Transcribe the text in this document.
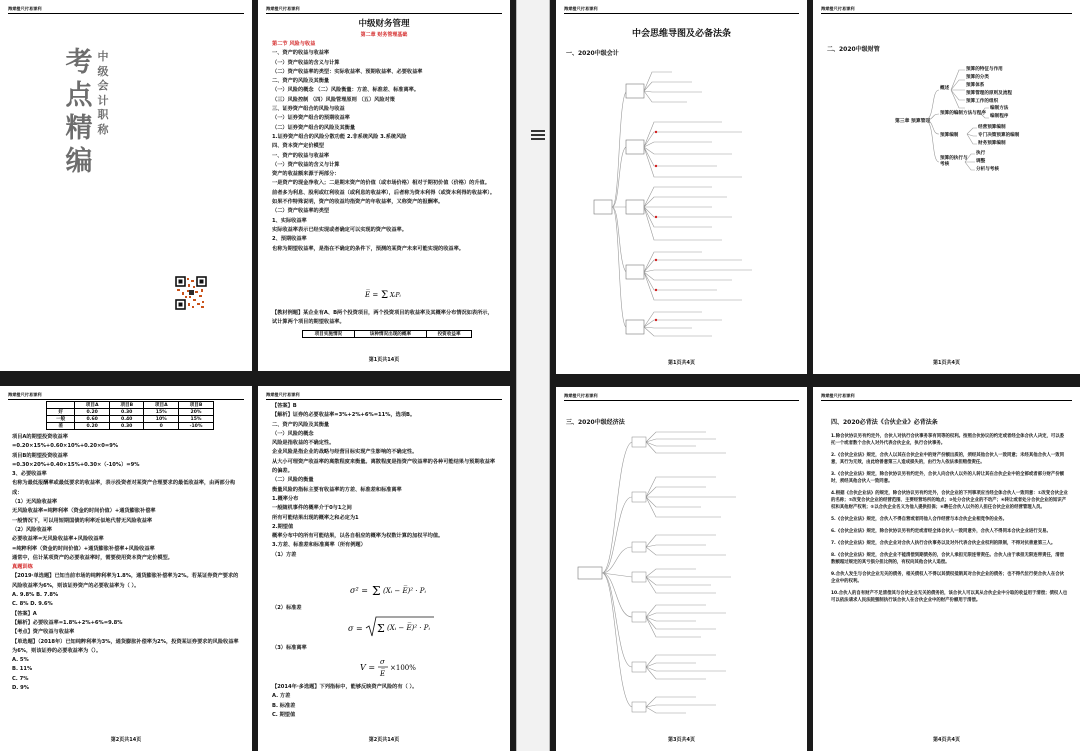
海棠橙尺付易课利
考
点
精
编
中
级
会
计
职
称
海棠橙尺付易课利
中级财务管理
第二章 财务管理基础

第二节 风险与收益

一、资产的收益与收益率

（一）资产收益的含义与计算

（二）资产收益率的类型：实际收益率、预期收益率、必要收益率

二、资产的风险及其衡量

（一）风险的概念 （二）风险衡量：方差、标准差、标准离率。

（三）风险控制 （四）风险管理原则 （五）风险对策

三、证券资产组合的风险与收益

（一）证券资产组合的预期收益率

（二）证券资产组合的风险及其衡量

1.证券资产组合的风险分散功能 2.非系统风险 3.系统风险

四、资本资产定价模型

一、资产的收益与收益率

（一）资产收益的含义与计算

资产的收益额来源于两部分：

一是资产的现金净收入；二是期末资产的价值（或市场价格）相对于期初价值（价格）的升值。

前者多为利息、股利或红利收益（或利息的收益率），后者称为资本利得（或资本利得的收益率）。

如果不作特殊说明，资产的收益均指资产的年收益率，又称资产的报酬率。

（二）资产收益率的类型

1、实际收益率

实际收益率表示已经实现或者确定可以实现的资产收益率。

2、预期收益率

也称为期望收益率，是指在不确定的条件下，预测的某资产未来可能实现的收益率。

E̅ = Σ XᵢPᵢ
【教材例题】某企业有A、B两个投资项目，两个投资项目的收益率及其概率分布情况如表所示，试计算两个项目的期望收益率。
项目实施情况	该种情况出现的概率	投资收益率
第1页共14页
海棠橙尺付易课利
	项目A	项目B	项目A	项目B
好	0.20	0.30	15%	20%
一般	0.60	0.40	10%	15%
差	0.20	0.30	0	-10%

项目A的期望投资收益率

=0.20×15%+0.60×10%+0.20×0=9%

项目B的期望投资收益率

=0.30×20%+0.40×15%+0.30×（-10%）=9%

3、必要收益率

也称为最低报酬率或最低要求的收益率，表示投资者对某资产合理要求的最低收益率，由两部分构成：

（1）无风险收益率

无风险收益率=纯粹利率（资金的时间价值）+通货膨胀补偿率

一般情况下，可以用短期国债的利率近似地代替无风险收益率

（2）风险收益率

必要收益率=无风险收益率+风险收益率

=纯粹利率（资金的时间价值）+通货膨胀补偿率+风险收益率

通常中，估计某项资产的必要收益率时，需要使用资本资产定价模型。

真题训练

【2019·单选题】已知当前市场的纯粹利率为1.8%，通货膨胀补偿率为2%。若某证券资产要求的风险收益率为6%，则该证券资产的必要收益率为（ ）。

A. 9.8% B. 7.8%

C. 8% D. 9.6%

【答案】A

【解析】必要收益率=1.8%+2%+6%=9.8%

【考点】资产收益与收益率

【单选题】（2018年）已知纯粹利率为3%，通货膨胀补偿率为2%，投资某证券要求的风险收益率为6%，则该证券的必要收益率为（）。

A. 5%

B. 11%

C. 7%

D. 9%

第2页共14页
海棠橙尺付易课利

【答案】B

【解析】证券的必要收益率=3%+2%+6%=11%，选项B。

二、资产的风险及其衡量

（一）风险的概念

风险是指收益的不确定性。

企业风险是指企业的战略与经营目标实现产生影响的不确定性。

从大小可理资产收益率的离散程度来衡量。离散程度是指资产收益率的各种可能结果与预期收益率的偏差。

（二）风险的衡量

衡量风险的指标主要有收益率的方差、标准差和标准离率

1.概率分布

一般随机事件的概率介于0与1之间

所有可能结果出现的概率之和必定为1

2.期望值

概率分布中的所有可能结果，以各自相应的概率为权数计算的加权平均值。

3.方差、标准差和标准离率（所有例题）

（1）方差

σ² = Σ (Xᵢ − E̅)² · Pᵢ
（2）标准差
σ = Σ (Xᵢ − E̅)² · Pᵢ
（3）标准离率
V =
σ
E̅
×100%

【2014年·多选题】下列指标中，能够反映资产风险的有（ ）。

A. 方差

B. 标准差

C. 期望值

第2页共14页
海棠橙尺付易课利
中会思维导图及必备法条
一、2020中级会计
第1页共4页
海棠橙尺付易课利
二、2020中级财管
第三章 预算管理
概述
预算的特征与作用
预算的分类
预算体系
预算管理的原则及流程
预算工作的组织
预算的编制方法与程序
编制方法
编制程序
预算编制
经营预算编制
专门决策预算的编制
财务预算编制
预算的执行与考核
执行
调整
分析与考核
第1页共4页
海棠橙尺付易课利
三、2020中级经济法
第3页共4页
海棠橙尺付易课利
四、2020必背法《合伙企业》必背法条

1.除合伙协议另有约定外，合伙人对执行合伙事务享有同等的权利。按照合伙协议的约定或者经全体合伙人决定，可以委托一个或者数个合伙人对外代表合伙企业，执行合伙事务。

2.《合伙企业法》规定，合伙人以其在合伙企业中的财产份额出质的，须经其他合伙人一致同意；未经其他合伙人一致同意，其行为无效，由此给善意第三人造成损失的，由行为人依法承担赔偿责任。

3.《合伙企业法》规定，除合伙协议另有约定外，合伙人向合伙人以外的人转让其在合伙企业中的全部或者部分财产份额时，须经其他合伙人一致同意。

4.根据《合伙企业法》的规定，除合伙协议另有约定外，合伙企业的下列事项应当经全体合伙人一致同意：①改变合伙企业的名称；②改变合伙企业的经营范围、主要经营场所的地点；③处分合伙企业的不动产；④转让或者处分合伙企业的知识产权和其他财产权利；⑤以合伙企业名义为他人提供担保；⑥聘任合伙人以外的人担任合伙企业的经营管理人员。

5.《合伙企业法》规定，合伙人不得自营或者同他人合作经营与本合伙企业相竞争的业务。

6.《合伙企业法》规定，除合伙协议另有约定或者经全体合伙人一致同意外，合伙人不得同本合伙企业进行交易。

7.《合伙企业法》规定，合伙企业对合伙人执行合伙事务以及对外代表合伙企业权利的限制，不得对抗善意第三人。

8.《合伙企业法》规定，合伙企业不能清偿到期债务的，合伙人承担无限连带责任。合伙人由于承担无限连带责任，清偿数额超过规定的其亏损分担比例的，有权向其他合伙人追偿。

9.合伙人发生与合伙企业无关的债务，相关债权人不得以其债权抵销其对合伙企业的债务；也不得代位行使合伙人在合伙企业中的权利。

10.合伙人的自有财产不足清偿其与合伙企业无关的债务的，该合伙人可以其从合伙企业中分取的收益用于清偿；债权人也可以依法请求人民法院强制执行该合伙人在合伙企业中的财产份额用于清偿。

第4页共4页
